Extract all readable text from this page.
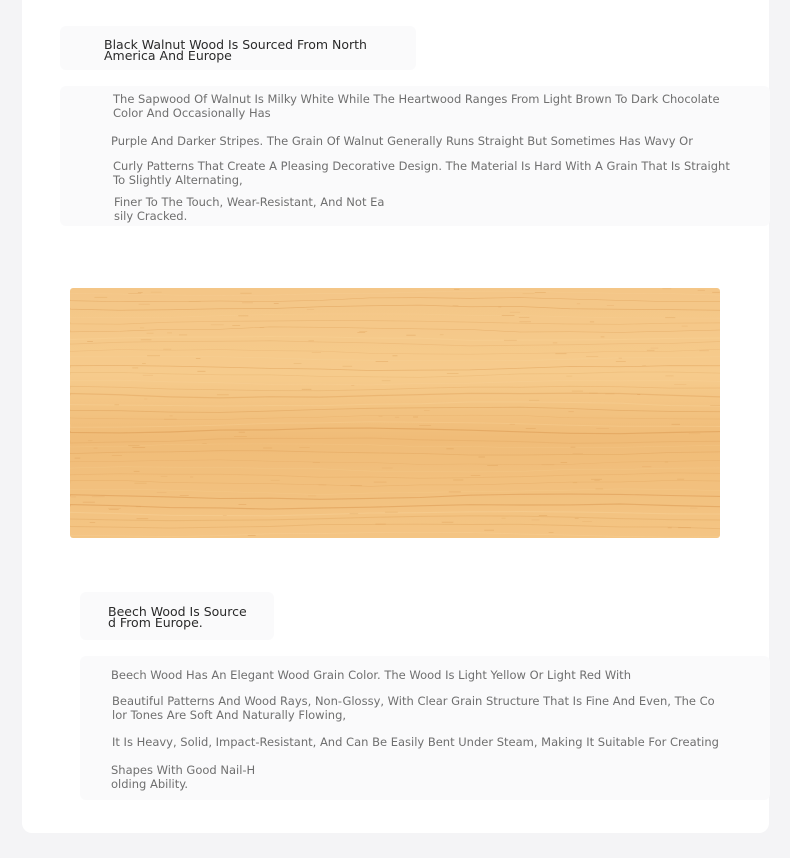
Black Walnut Wood Is Sourced From North
America And Europe

The Sapwood Of Walnut Is Milky White While The Heartwood Ranges From Light Brown To Dark Chocolate
Color And Occasionally Has

Purple And Darker Stripes. The Grain Of Walnut Generally Runs Straight But Sometimes Has Wavy Or

Curly Patterns That Create A Pleasing Decorative Design. The Material Is Hard With A Grain That Is Straight
To Slightly Alternating,

Finer To The Touch, Wear-Resistant, And Not Ea
sily Cracked.

Beech Wood Is Source
d From Europe.

Beech Wood Has An Elegant Wood Grain Color. The Wood Is Light Yellow Or Light Red With

Beautiful Patterns And Wood Rays, Non-Glossy, With Clear Grain Structure That Is Fine And Even, The Co
lor Tones Are Soft And Naturally Flowing,

It Is Heavy, Solid, Impact-Resistant, And Can Be Easily Bent Under Steam, Making It Suitable For Creating

Shapes With Good Nail-H
olding Ability.
